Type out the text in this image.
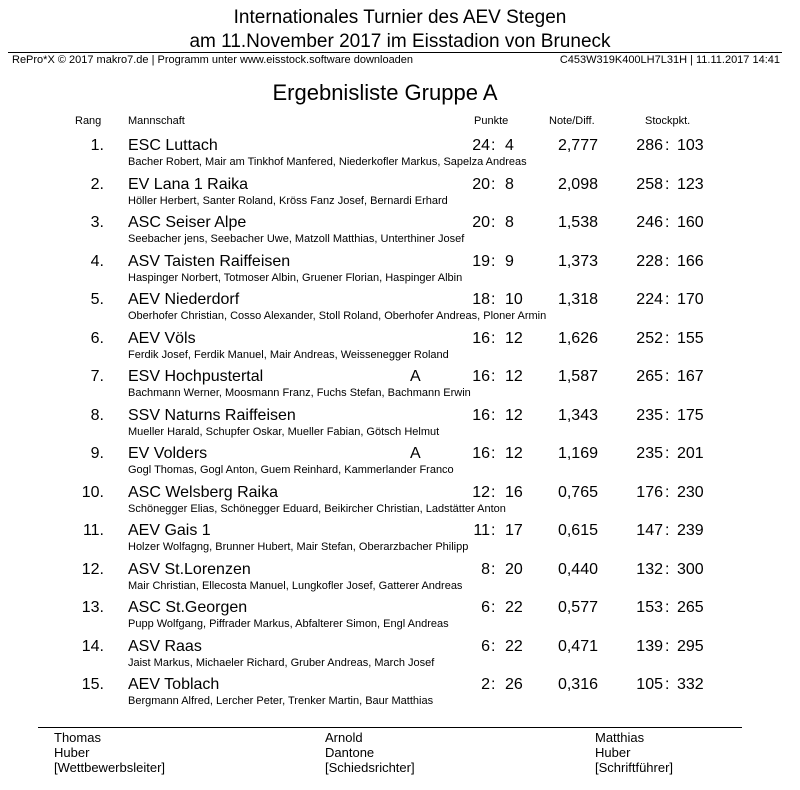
Internationales Turnier des AEV Stegen
am 11.November 2017 im Eisstadion von Bruneck
RePro*X © 2017 makro7.de | Programm unter www.eisstock.software downloaden	C453W319K400LH7L31H | 11.11.2017 14:41
Ergebnisliste Gruppe A
Rang Mannschaft	Punkte	Note/Diff.	Stockpkt.
1. ESC Luttach	24 : 4	2,777	286 : 103
Bacher Robert, Mair am Tinkhof Manfered, Niederkofler Markus, Sapelza Andreas
2. EV Lana 1 Raika	20 : 8	2,098	258 : 123
Höller Herbert, Santer Roland, Kröss Fanz Josef, Bernardi Erhard
3. ASC Seiser Alpe	20 : 8	1,538	246 : 160
Seebacher jens, Seebacher Uwe, Matzoll Matthias, Unterthiner Josef
4. ASV Taisten Raiffeisen	19 : 9	1,373	228 : 166
Haspinger Norbert, Totmoser Albin, Gruener Florian, Haspinger Albin
5. AEV Niederdorf	18 : 10	1,318	224 : 170
Oberhofer Christian, Cosso Alexander, Stoll Roland, Oberhofer Andreas, Ploner Armin
6. AEV Völs	16 : 12	1,626	252 : 155
Ferdik Josef, Ferdik Manuel, Mair Andreas, Weissenegger Roland
7. ESV Hochpustertal	A	16 : 12	1,587	265 : 167
Bachmann Werner, Moosmann Franz, Fuchs Stefan, Bachmann Erwin
8. SSV Naturns Raiffeisen	16 : 12	1,343	235 : 175
Mueller Harald, Schupfer Oskar, Mueller Fabian, Götsch Helmut
9. EV Volders	A	16 : 12	1,169	235 : 201
Gogl Thomas, Gogl Anton, Guem Reinhard, Kammerlander Franco
10. ASC Welsberg Raika	12 : 16	0,765	176 : 230
Schönegger Elias, Schönegger Eduard, Beikircher Christian, Ladstätter Anton
11. AEV Gais 1	11 : 17	0,615	147 : 239
Holzer Wolfagng, Brunner Hubert, Mair Stefan, Oberarzbacher Philipp
12. ASV St.Lorenzen	8 : 20	0,440	132 : 300
Mair Christian, Ellecosta Manuel, Lungkofler Josef, Gatterer Andreas
13. ASC St.Georgen	6 : 22	0,577	153 : 265
Pupp Wolfgang, Piffrader Markus, Abfalterer Simon, Engl Andreas
14. ASV Raas	6 : 22	0,471	139 : 295
Jaist Markus, Michaeler Richard, Gruber Andreas, March Josef
15. AEV Toblach	2 : 26	0,316	105 : 332
Bergmann Alfred, Lercher Peter, Trenker Martin, Baur Matthias
Thomas
Huber
[Wettbewerbsleiter]
Arnold
Dantone
[Schiedsrichter]
Matthias
Huber
[Schriftführer]
